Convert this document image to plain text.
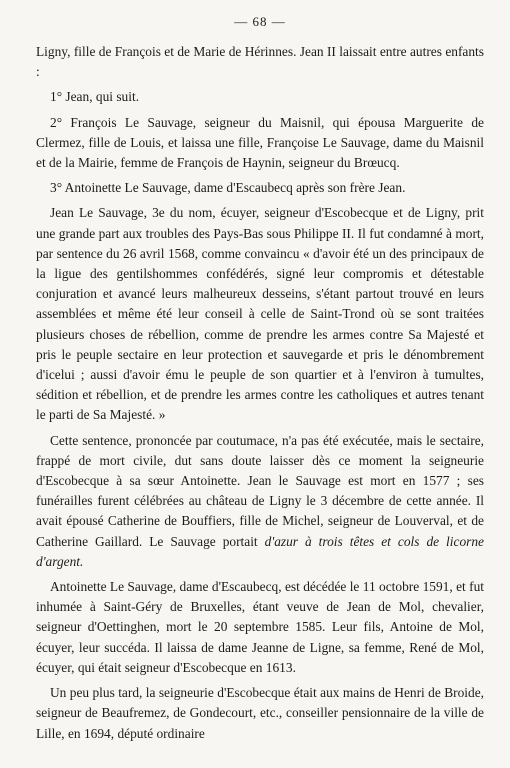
— 68 —

Ligny, fille de François et de Marie de Hérinnes. Jean II laissait entre autres enfants :

1° Jean, qui suit.

2° François Le Sauvage, seigneur du Maisnil, qui épousa Marguerite de Clermez, fille de Louis, et laissa une fille, Françoise Le Sauvage, dame du Maisnil et de la Mairie, femme de François de Haynin, seigneur du Brœucq.

3° Antoinette Le Sauvage, dame d'Escaubecq après son frère Jean.

Jean Le Sauvage, 3e du nom, écuyer, seigneur d'Escobecque et de Ligny, prit une grande part aux troubles des Pays-Bas sous Philippe II. Il fut condamné à mort, par sentence du 26 avril 1568, comme convaincu « d'avoir été un des principaux de la ligue des gentilshommes confédérés, signé leur compromis et détestable conjuration et avancé leurs malheureux desseins, s'étant partout trouvé en leurs assemblées et même été leur conseil à celle de Saint-Trond où se sont traitées plusieurs choses de rébellion, comme de prendre les armes contre Sa Majesté et pris le peuple sectaire en leur protection et sauvegarde et pris le dénombrement d'icelui ; aussi d'avoir ému le peuple de son quartier et à l'environ à tumultes, sédition et rébellion, et de prendre les armes contre les catholiques et autres tenant le parti de Sa Majesté. »

Cette sentence, prononcée par coutumace, n'a pas été exécutée, mais le sectaire, frappé de mort civile, dut sans doute laisser dès ce moment la seigneurie d'Escobecque à sa sœur Antoinette. Jean le Sauvage est mort en 1577 ; ses funérailles furent célébrées au château de Ligny le 3 décembre de cette année. Il avait épousé Catherine de Bouffiers, fille de Michel, seigneur de Louverval, et de Catherine Gaillard. Le Sauvage portait d'azur à trois têtes et cols de licorne d'argent.

Antoinette Le Sauvage, dame d'Escaubecq, est décédée le 11 octobre 1591, et fut inhumée à Saint-Géry de Bruxelles, étant veuve de Jean de Mol, chevalier, seigneur d'Oettinghen, mort le 20 septembre 1585. Leur fils, Antoine de Mol, écuyer, leur succéda. Il laissa de dame Jeanne de Ligne, sa femme, René de Mol, écuyer, qui était seigneur d'Escobecque en 1613.

Un peu plus tard, la seigneurie d'Escobecque était aux mains de Henri de Broide, seigneur de Beaufremez, de Gondecourt, etc., conseiller pensionnaire de la ville de Lille, en 1694, député ordinaire
